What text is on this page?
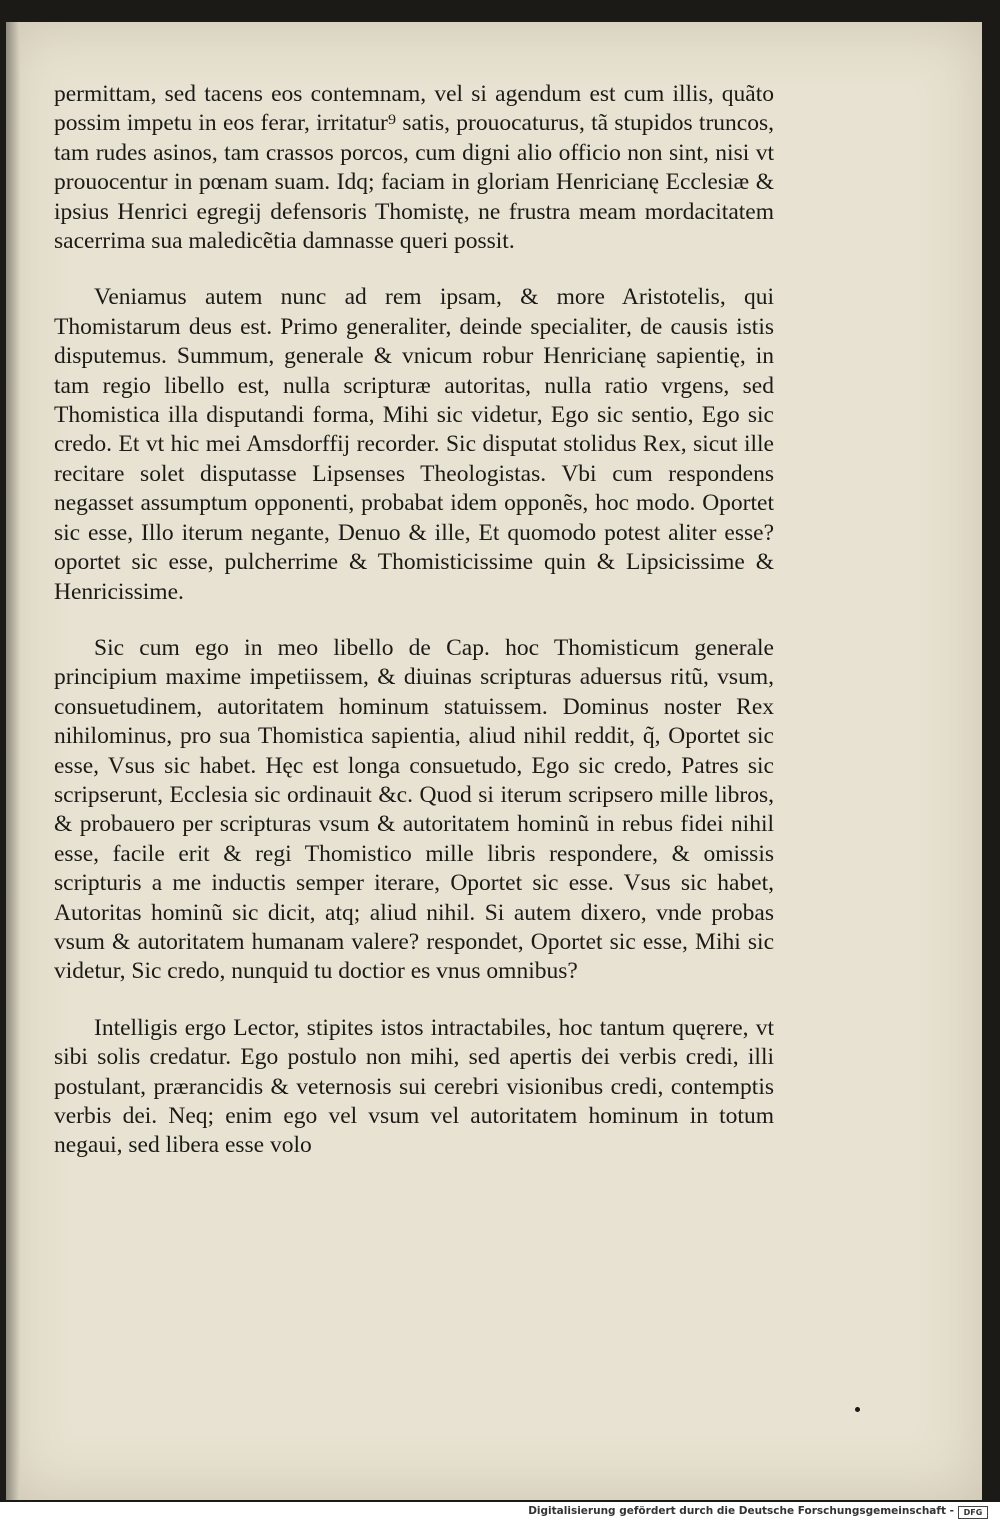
permittam, sed tacens eos contemnam, vel si agendum est cum illis, quãto possim impetu in eos ferar, irritatur⁹ satis, prouocaturus, tã stupidos truncos, tam rudes asinos, tam crassos porcos, cum digni alio officio non sint, nisi vt prouocentur in pœnam suam. Idq; faciam in gloriam Henricianę Ecclesiæ & ipsius Henrici egregij defensoris Thomistę, ne frustra meam mordacitatem sacerrima sua maledicẽtia damnasse queri possit.

Veniamus autem nunc ad rem ipsam, & more Aristotelis, qui Thomistarum deus est. Primo generaliter, deinde specialiter, de causis istis disputemus. Summum, generale & vnicum robur Henricianę sapientię, in tam regio libello est, nulla scripturæ autoritas, nulla ratio vrgens, sed Thomistica illa disputandi forma, Mihi sic videtur, Ego sic sentio, Ego sic credo. Et vt hic mei Amsdorffij recorder. Sic disputat stolidus Rex, sicut ille recitare solet disputasse Lipsenses Theologistas. Vbi cum respondens negasset assumptum opponenti, probabat idem opponẽs, hoc modo. Oportet sic esse, Illo iterum negante, Denuo & ille, Et quomodo potest aliter esse? oportet sic esse, pulcherrime & Thomisticissime quin & Lipsicissime & Henricissime.

Sic cum ego in meo libello de Cap. hoc Thomisticum generale principium maxime impetiissem, & diuinas scripturas aduersus ritũ, vsum, consuetudinem, autoritatem hominum statuissem. Dominus noster Rex nihilominus, pro sua Thomistica sapientia, aliud nihil reddit, q̃, Oportet sic esse, Vsus sic habet. Hęc est longa consuetudo, Ego sic credo, Patres sic scripserunt, Ecclesia sic ordinauit &c. Quod si iterum scripsero mille libros, & probauero per scripturas vsum & autoritatem hominũ in rebus fidei nihil esse, facile erit & regi Thomistico mille libris respondere, & omissis scripturis a me inductis semper iterare, Oportet sic esse. Vsus sic habet, Autoritas hominũ sic dicit, atq; aliud nihil. Si autem dixero, vnde probas vsum & autoritatem humanam valere? respondet, Oportet sic esse, Mihi sic videtur, Sic credo, nunquid tu doctior es vnus omnibus?

Intelligis ergo Lector, stipites istos intractabiles, hoc tantum quęrere, vt sibi solis credatur. Ego postulo non mihi, sed apertis dei verbis credi, illi postulant, prærancidis & veternosis sui cerebri visionibus credi, contemptis verbis dei. Neq; enim ego vel vsum vel autoritatem hominum in totum negaui, sed libera esse volo

Digitalisierung gefördert durch die Deutsche Forschungsgemeinschaft -	DFG
